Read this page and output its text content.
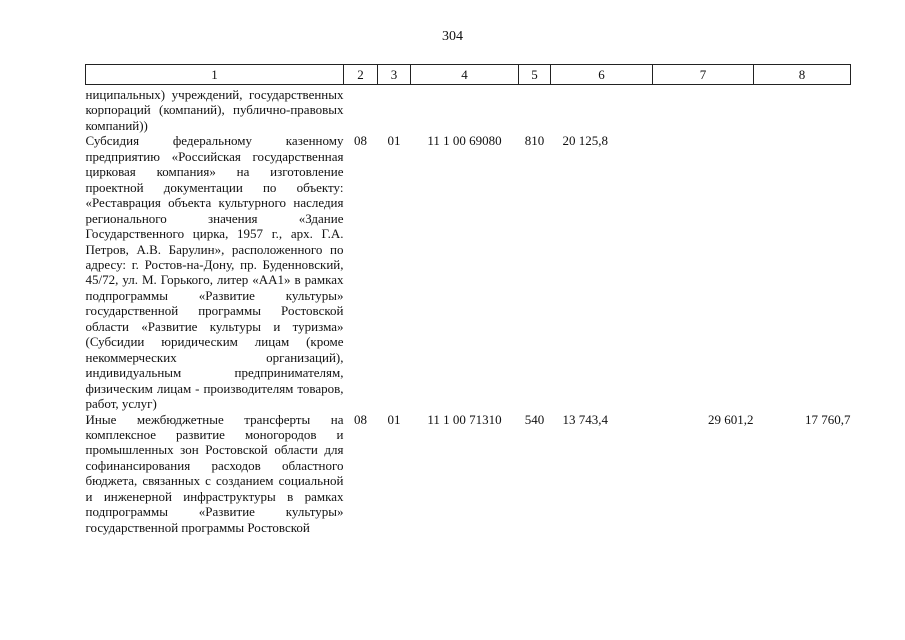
304
1	2	3	4	5	6	7	8
ниципальных) учреждений, государственных корпораций (компаний), публично-правовых компаний))							
Субсидия федеральному казенному предприятию «Российская государственная цирковая компания» на изготовление проектной документации по объекту: «Реставрация объекта культурного наследия регионального значения «Здание Государственного цирка, 1957 г., арх. Г.А. Петров, А.В. Барулин», расположенного по адресу: г. Ростов-на-Дону, пр. Буденновский, 45/72, ул. М. Горького, литер «АА1» в рамках подпрограммы «Развитие культуры» государственной программы Ростовской области «Развитие культуры и туризма» (Субсидии юридическим лицам (кроме некоммерческих организаций), индивидуальным предпринимателям, физическим лицам - производителям товаров, работ, услуг)	08	01	11 1 00 69080	810	20 125,8		
Иные межбюджетные трансферты на комплексное развитие моногородов и промышленных зон Ростовской области для софинансирования расходов областного бюджета, связанных с созданием социальной и инженерной инфраструктуры в рамках подпрограммы «Развитие культуры» государственной программы Ростовской	08	01	11 1 00 71310	540	13 743,4	29 601,2	17 760,7
